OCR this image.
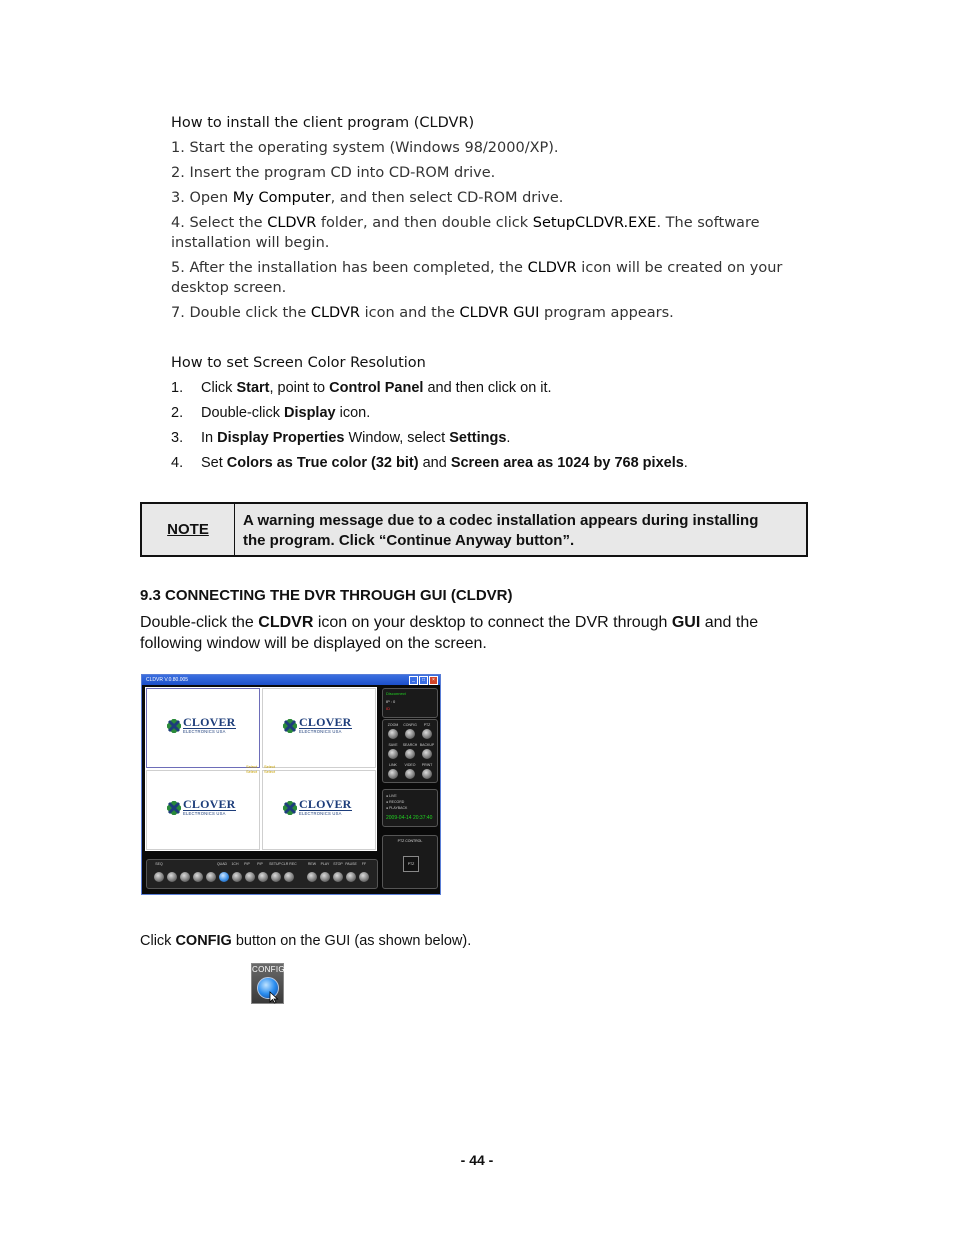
How to install the client program (CLDVR)
1. Start the operating system (Windows 98/2000/XP).
2. Insert the program CD into CD-ROM drive.
3. Open My Computer, and then select CD-ROM drive.
4. Select the CLDVR folder, and then double click SetupCLDVR.EXE. The software
installation will begin.
5. After the installation has been completed, the CLDVR icon will be created on your
desktop screen.
7. Double click the CLDVR icon and the CLDVR GUI program appears.
How to set Screen Color Resolution
1. Click Start, point to Control Panel and then click on it.
2. Double-click Display icon.
3. In Display Properties Window, select Settings.
4. Set Colors as True color (32 bit) and Screen area as 1024 by 768 pixels.
NOTE
A warning message due to a codec installation appears during installing
the program. Click “Continue Anyway button”.
9.3 CONNECTING THE DVR THROUGH GUI (CLDVR)
Double-click the CLDVR icon on your desktop to connect the DVR through GUI and the
following window will be displayed on the screen.
CLDVR V.0.80.005	_	□	×
CLOVER
ELECTRONICS USA
CLOVER
ELECTRONICS USA
CLOVER
ELECTRONICS USA
CLOVER
ELECTRONICS USA
Select Select
Select Select
Disconnect
IP : 0
ID
ZOOM	CONFIG	PTZ
SAVE	SEARCH BACKUP
LINK	VIDEO	PRINT
● LIVE
● RECORD
● PLAYBACK
2009-04-14 20:37:40
PTZ CONTROL
PTZ
SEQ	QUAD	1CH	PIP	PIP	SETUP CLR REC	REW	PLAY	STOP PAUSE	FF
Click CONFIG button on the GUI (as shown below).
CONFIG
- 44 -
